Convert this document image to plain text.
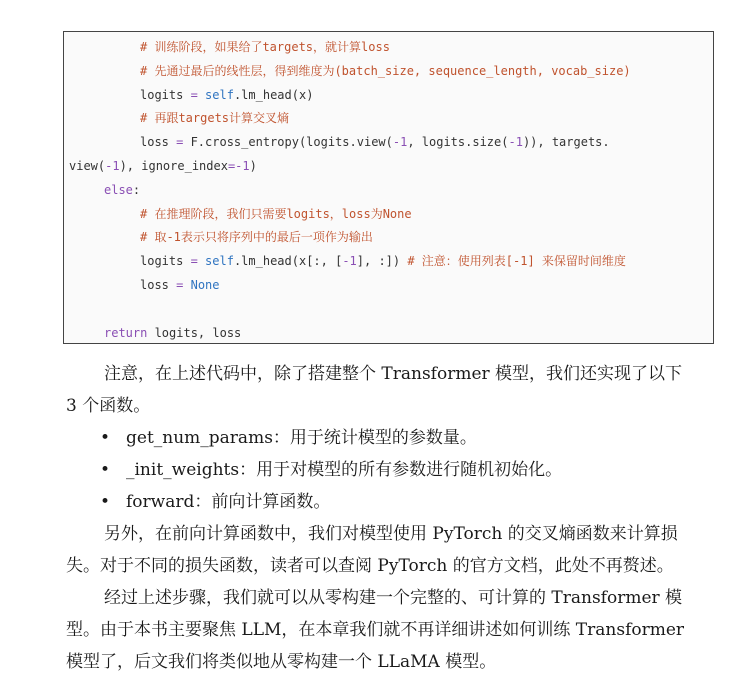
# 训练阶段，如果给了targets，就计算loss
# 先通过最后的线性层，得到维度为(batch_size, sequence_length, vocab_size)
logits = self.lm_head(x)
# 再跟targets计算交叉熵
loss = F.cross_entropy(logits.view(-1, logits.size(-1)), targets.
view(-1), ignore_index=-1)
else:
# 在推理阶段，我们只需要logits，loss为None
# 取-1表示只将序列中的最后一项作为输出
logits = self.lm_head(x[:, [-1], :]) # 注意：使用列表[-1] 来保留时间维度
loss = None
return logits, loss
注意，在上述代码中，除了搭建整个 Transformer 模型，我们还实现了以下
3 个函数。
• get_num_params：用于统计模型的参数量。
• _init_weights：用于对模型的所有参数进行随机初始化。
• forward：前向计算函数。
另外，在前向计算函数中，我们对模型使用 PyTorch 的交叉熵函数来计算损
失。对于不同的损失函数，读者可以查阅 PyTorch 的官方文档，此处不再赘述。
经过上述步骤，我们就可以从零构建一个完整的、可计算的 Transformer 模
型。由于本书主要聚焦 LLM，在本章我们就不再详细讲述如何训练 Transformer
模型了，后文我们将类似地从零构建一个 LLaMA 模型。
